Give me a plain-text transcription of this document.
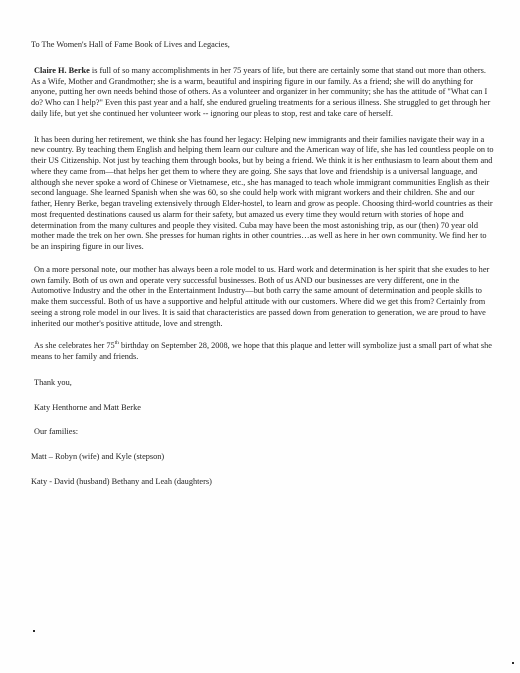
To The Women's Hall of Fame Book of Lives and Legacies,

Claire H. Berke is full of so many accomplishments in her 75 years of life, but there are certainly some that stand out more than others. As a Wife, Mother and Grandmother; she is a warm, beautiful and inspiring figure in our family. As a friend; she will do anything for anyone, putting her own needs behind those of others. As a volunteer and organizer in her community; she has the attitude of "What can I do? Who can I help?" Even this past year and a half, she endured grueling treatments for a serious illness. She struggled to get through her daily life, but yet she continued her volunteer work -- ignoring our pleas to stop, rest and take care of herself.

It has been during her retirement, we think she has found her legacy: Helping new immigrants and their families navigate their way in a new country. By teaching them English and helping them learn our culture and the American way of life, she has led countless people on to their US Citizenship. Not just by teaching them through books, but by being a friend. We think it is her enthusiasm to learn about them and where they came from—that helps her get them to where they are going. She says that love and friendship is a universal language, and although she never spoke a word of Chinese or Vietnamese, etc., she has managed to teach whole immigrant communities English as their second language. She learned Spanish when she was 60, so she could help work with migrant workers and their children. She and our father, Henry Berke, began traveling extensively through Elder-hostel, to learn and grow as people. Choosing third-world countries as their most frequented destinations caused us alarm for their safety, but amazed us every time they would return with stories of hope and determination from the many cultures and people they visited. Cuba may have been the most astonishing trip, as our (then) 70 year old mother made the trek on her own. She presses for human rights in other countries…as well as here in her own community. We find her to be an inspiring figure in our lives.

On a more personal note, our mother has always been a role model to us. Hard work and determination is her spirit that she exudes to her own family. Both of us own and operate very successful businesses. Both of us AND our businesses are very different, one in the Automotive Industry and the other in the Entertainment Industry—but both carry the same amount of determination and people skills to make them successful. Both of us have a supportive and helpful attitude with our customers. Where did we get this from? Certainly from seeing a strong role model in our lives. It is said that characteristics are passed down from generation to generation, we are proud to have inherited our mother's positive attitude, love and strength.

As she celebrates her 75th birthday on September 28, 2008, we hope that this plaque and letter will symbolize just a small part of what she means to her family and friends.

Thank you,

Katy Henthorne and Matt Berke

Our families:

Matt – Robyn (wife) and Kyle (stepson)

Katy - David (husband) Bethany and Leah (daughters)
